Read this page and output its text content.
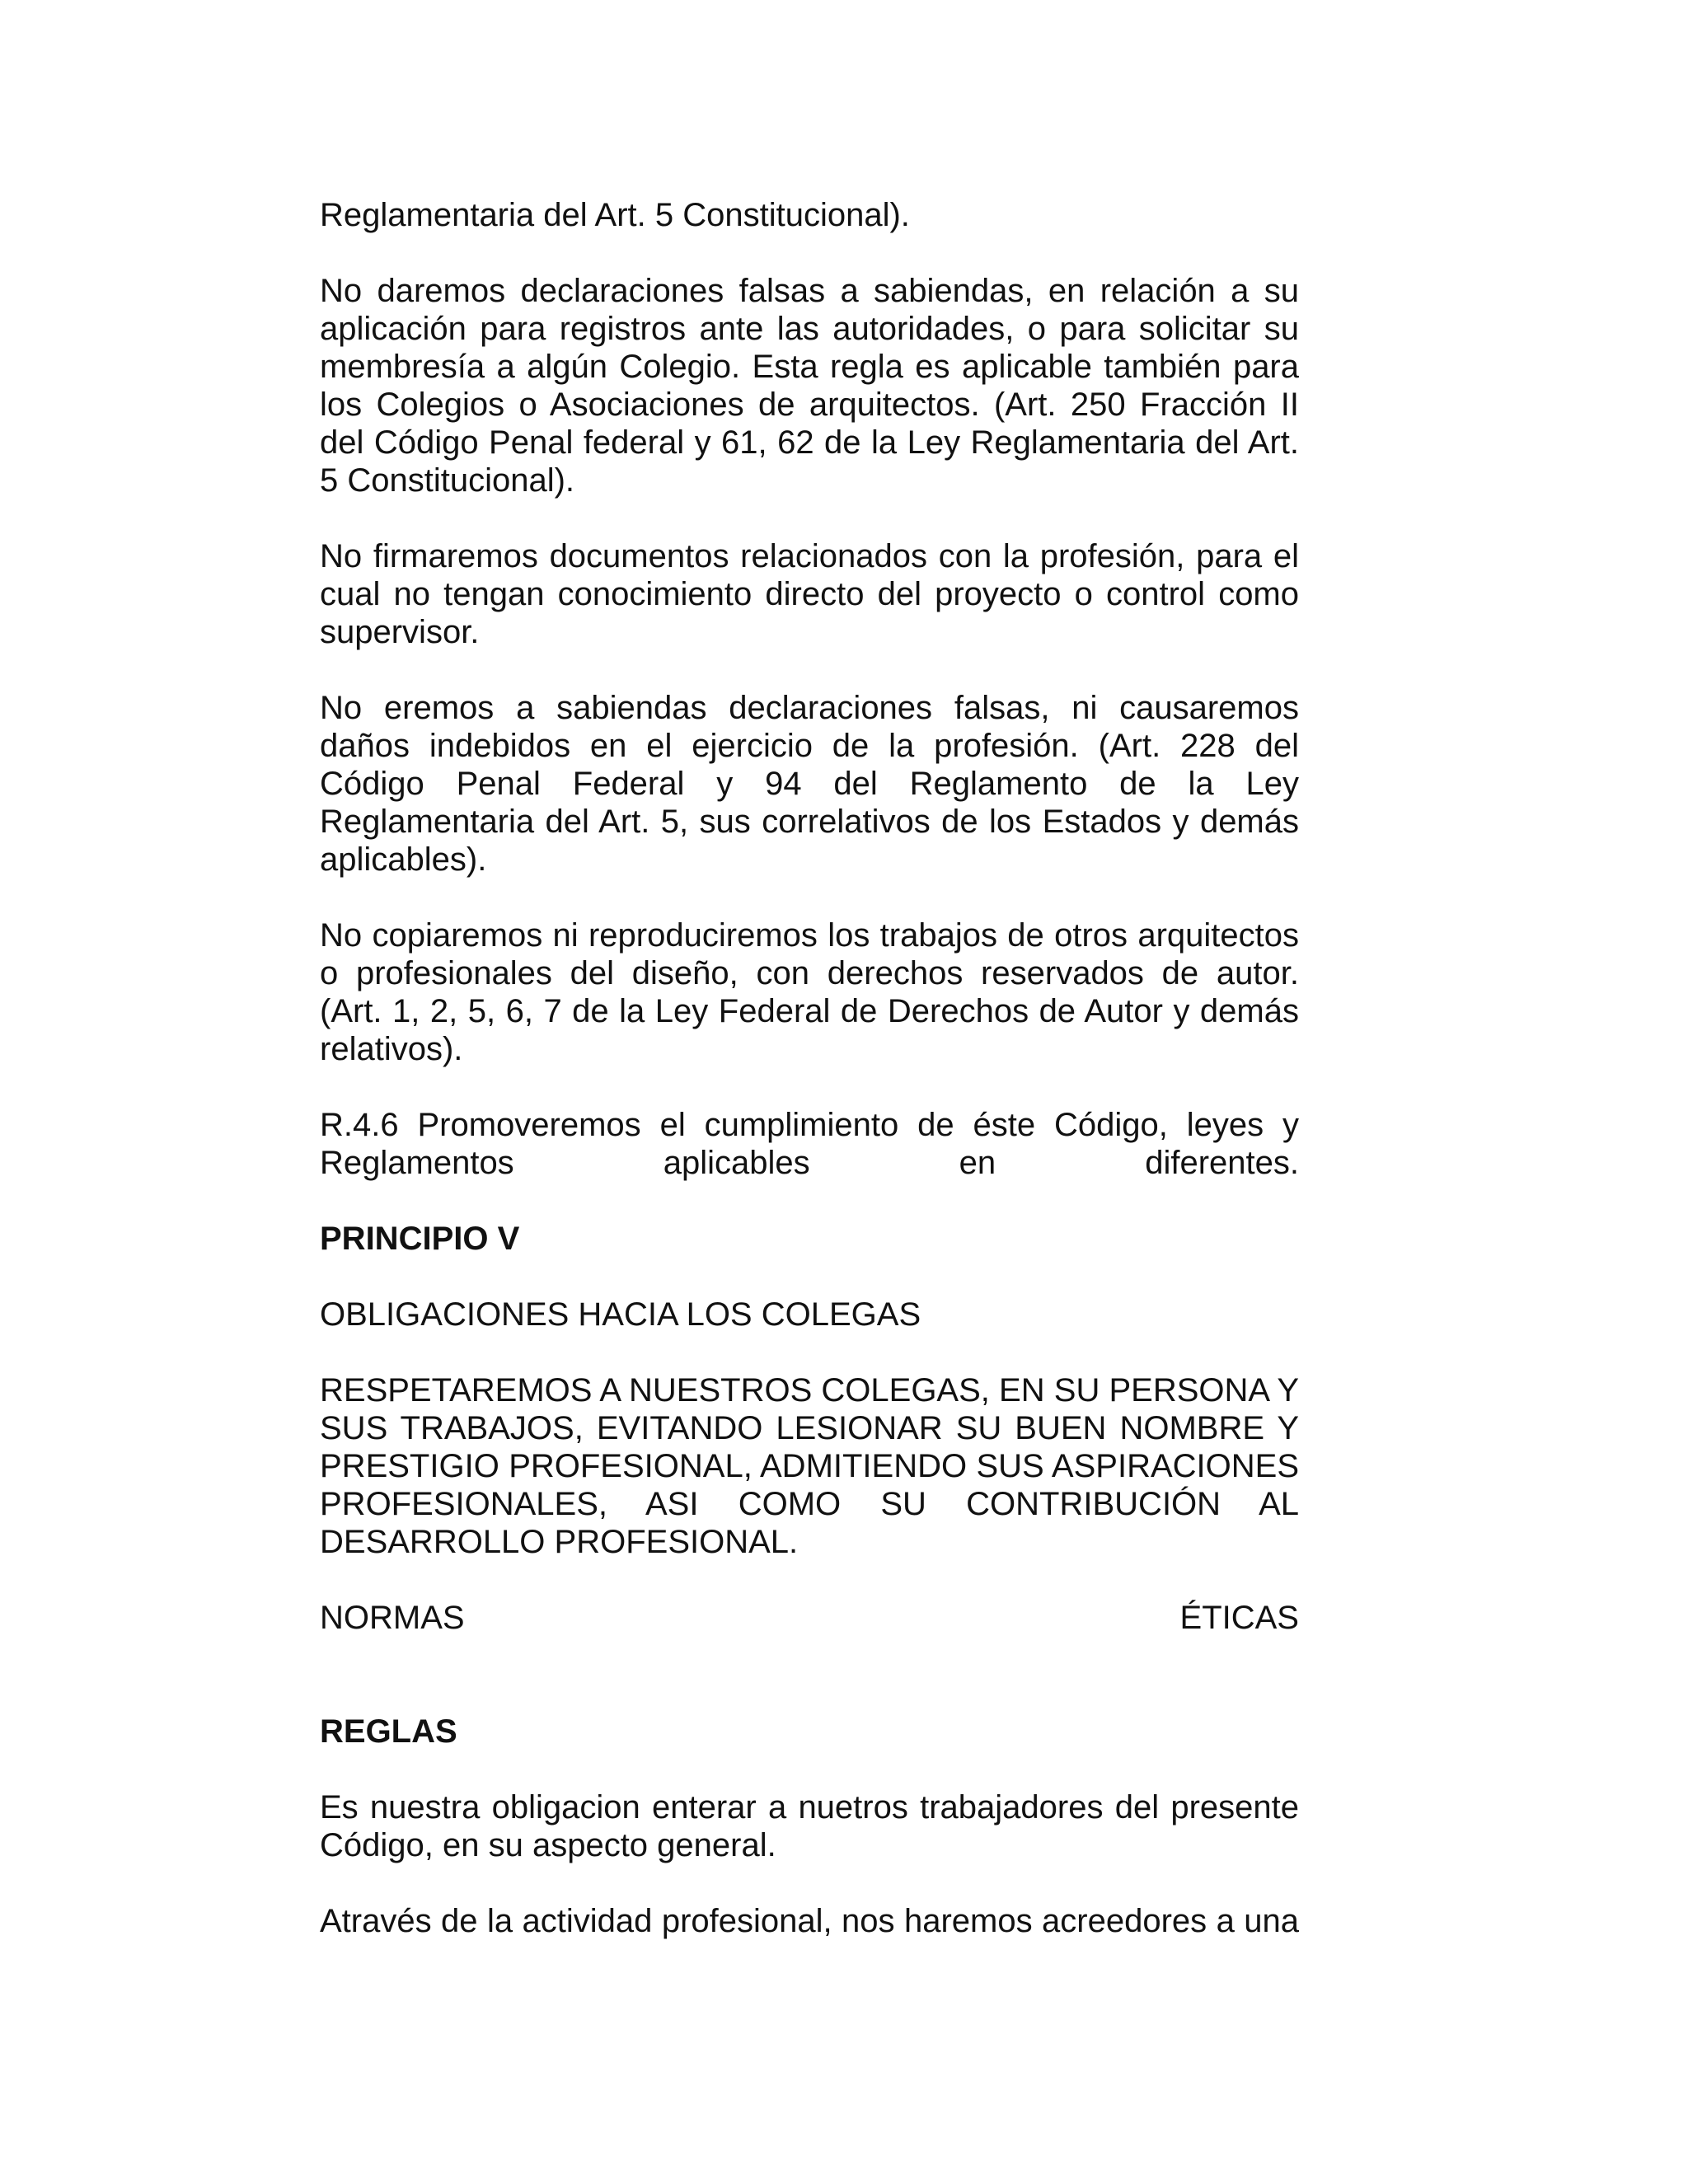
Reglamentaria del Art. 5 Constitucional).

No daremos declaraciones falsas a sabiendas, en relación a su aplicación para registros ante las autoridades, o para solicitar su membresía a algún Colegio. Esta regla es aplicable también para los Colegios o Asociaciones de arquitectos. (Art. 250 Fracción II del Código Penal federal y 61, 62 de la Ley Reglamentaria del Art. 5 Constitucional).

No firmaremos documentos relacionados con la profesión, para el cual no tengan conocimiento directo del proyecto o control como supervisor.

No eremos a sabiendas declaraciones falsas, ni causaremos daños indebidos en el ejercicio de la profesión. (Art. 228 del Código Penal Federal y 94 del Reglamento de la Ley Reglamentaria del Art. 5, sus correlativos de los Estados y demás aplicables).

No copiaremos ni reproduciremos los trabajos de otros arquitectos o profesionales del diseño, con derechos reservados de autor. (Art. 1, 2, 5, 6, 7 de la Ley Federal de Derechos de Autor y demás relativos).

R.4.6 Promoveremos el cumplimiento de éste Código, leyes y Reglamentos aplicables en diferentes.

PRINCIPIO V

OBLIGACIONES HACIA LOS COLEGAS

RESPETAREMOS A NUESTROS COLEGAS, EN SU PERSONA Y SUS TRABAJOS, EVITANDO LESIONAR SU BUEN NOMBRE Y PRESTIGIO PROFESIONAL, ADMITIENDO SUS ASPIRACIONES PROFESIONALES, ASI COMO SU CONTRIBUCIÓN AL DESARROLLO PROFESIONAL.

NORMAS	ÉTICAS

REGLAS

Es nuestra obligacion enterar a nuetros trabajadores del presente Código, en su aspecto general.

Através de la actividad profesional, nos haremos acreedores a una
